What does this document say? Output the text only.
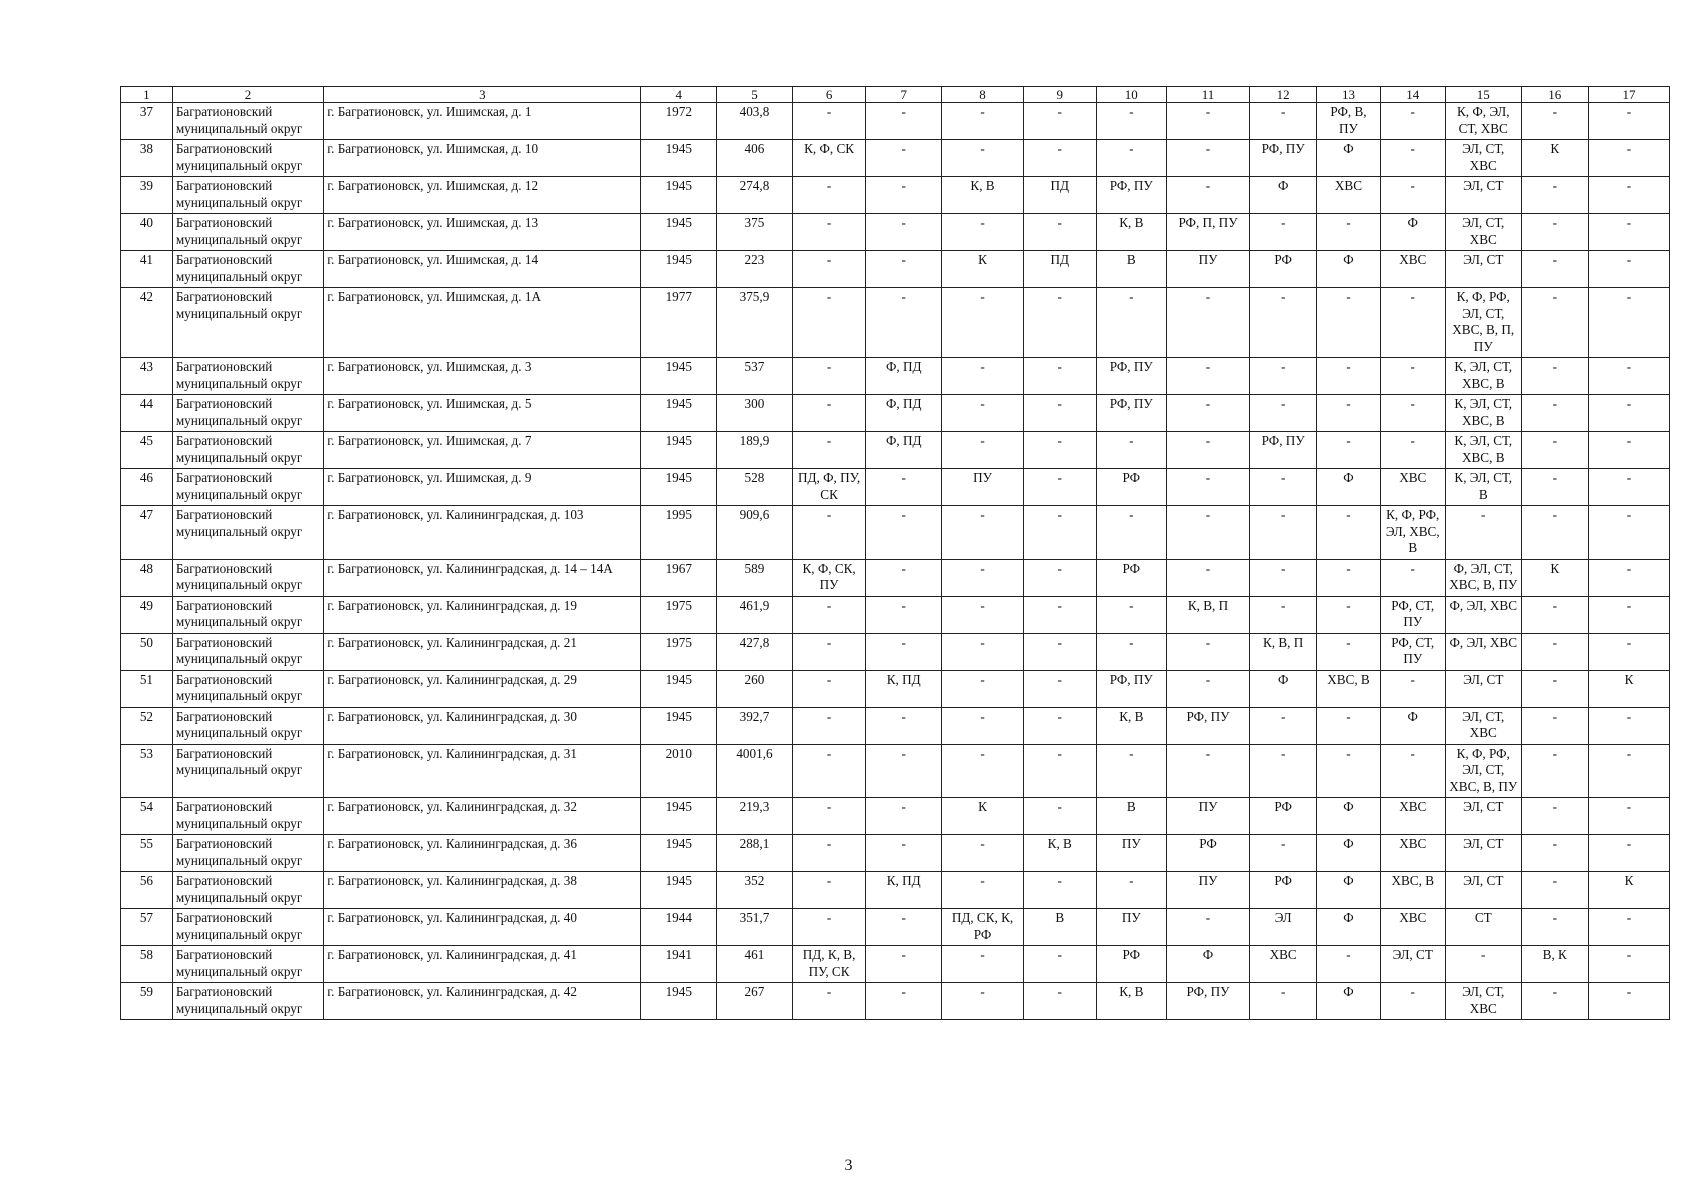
1	2	3	4	5	6	7	8	9	10	11	12	13	14	15	16	17
37	Багратионовский муниципальный округ	г. Багратионовск, ул. Ишимская, д. 1	1972	403,8	-	-	-	-	-	-	-	РФ, В, ПУ	-	К, Ф, ЭЛ, СТ, ХВС	-	-
38	Багратионовский муниципальный округ	г. Багратионовск, ул. Ишимская, д. 10	1945	406	К, Ф, СК	-	-	-	-	-	РФ, ПУ	Ф	-	ЭЛ, СТ, ХВС	К	-
39	Багратионовский муниципальный округ	г. Багратионовск, ул. Ишимская, д. 12	1945	274,8	-	-	К, В	ПД	РФ, ПУ	-	Ф	ХВС	-	ЭЛ, СТ	-	-
40	Багратионовский муниципальный округ	г. Багратионовск, ул. Ишимская, д. 13	1945	375	-	-	-	-	К, В	РФ, П, ПУ	-	-	Ф	ЭЛ, СТ, ХВС	-	-
41	Багратионовский муниципальный округ	г. Багратионовск, ул. Ишимская, д. 14	1945	223	-	-	К	ПД	В	ПУ	РФ	Ф	ХВС	ЭЛ, СТ	-	-
42	Багратионовский муниципальный округ	г. Багратионовск, ул. Ишимская, д. 1А	1977	375,9	-	-	-	-	-	-	-	-	-	К, Ф, РФ, ЭЛ, СТ, ХВС, В, П, ПУ	-	-
43	Багратионовский муниципальный округ	г. Багратионовск, ул. Ишимская, д. 3	1945	537	-	Ф, ПД	-	-	РФ, ПУ	-	-	-	-	К, ЭЛ, СТ, ХВС, В	-	-
44	Багратионовский муниципальный округ	г. Багратионовск, ул. Ишимская, д. 5	1945	300	-	Ф, ПД	-	-	РФ, ПУ	-	-	-	-	К, ЭЛ, СТ, ХВС, В	-	-
45	Багратионовский муниципальный округ	г. Багратионовск, ул. Ишимская, д. 7	1945	189,9	-	Ф, ПД	-	-	-	-	РФ, ПУ	-	-	К, ЭЛ, СТ, ХВС, В	-	-
46	Багратионовский муниципальный округ	г. Багратионовск, ул. Ишимская, д. 9	1945	528	ПД, Ф, ПУ, СК	-	ПУ	-	РФ	-	-	Ф	ХВС	К, ЭЛ, СТ, В	-	-
47	Багратионовский муниципальный округ	г. Багратионовск, ул. Калининградская, д. 103	1995	909,6	-	-	-	-	-	-	-	-	К, Ф, РФ, ЭЛ, ХВС, В	-	-	-
48	Багратионовский муниципальный округ	г. Багратионовск, ул. Калининградская, д. 14 – 14А	1967	589	К, Ф, СК, ПУ	-	-	-	РФ	-	-	-	-	Ф, ЭЛ, СТ, ХВС, В, ПУ	К	-
49	Багратионовский муниципальный округ	г. Багратионовск, ул. Калининградская, д. 19	1975	461,9	-	-	-	-	-	К, В, П	-	-	РФ, СТ, ПУ	Ф, ЭЛ, ХВС	-	-
50	Багратионовский муниципальный округ	г. Багратионовск, ул. Калининградская, д. 21	1975	427,8	-	-	-	-	-	-	К, В, П	-	РФ, СТ, ПУ	Ф, ЭЛ, ХВС	-	-
51	Багратионовский муниципальный округ	г. Багратионовск, ул. Калининградская, д. 29	1945	260	-	К, ПД	-	-	РФ, ПУ	-	Ф	ХВС, В	-	ЭЛ, СТ	-	К
52	Багратионовский муниципальный округ	г. Багратионовск, ул. Калининградская, д. 30	1945	392,7	-	-	-	-	К, В	РФ, ПУ	-	-	Ф	ЭЛ, СТ, ХВС	-	-
53	Багратионовский муниципальный округ	г. Багратионовск, ул. Калининградская, д. 31	2010	4001,6	-	-	-	-	-	-	-	-	-	К, Ф, РФ, ЭЛ, СТ, ХВС, В, ПУ	-	-
54	Багратионовский муниципальный округ	г. Багратионовск, ул. Калининградская, д. 32	1945	219,3	-	-	К	-	В	ПУ	РФ	Ф	ХВС	ЭЛ, СТ	-	-
55	Багратионовский муниципальный округ	г. Багратионовск, ул. Калининградская, д. 36	1945	288,1	-	-	-	К, В	ПУ	РФ	-	Ф	ХВС	ЭЛ, СТ	-	-
56	Багратионовский муниципальный округ	г. Багратионовск, ул. Калининградская, д. 38	1945	352	-	К, ПД	-	-	-	ПУ	РФ	Ф	ХВС, В	ЭЛ, СТ	-	К
57	Багратионовский муниципальный округ	г. Багратионовск, ул. Калининградская, д. 40	1944	351,7	-	-	ПД, СК, К, РФ	В	ПУ	-	ЭЛ	Ф	ХВС	СТ	-	-
58	Багратионовский муниципальный округ	г. Багратионовск, ул. Калининградская, д. 41	1941	461	ПД, К, В, ПУ, СК	-	-	-	РФ	Ф	ХВС	-	ЭЛ, СТ	-	В, К	-
59	Багратионовский муниципальный округ	г. Багратионовск, ул. Калининградская, д. 42	1945	267	-	-	-	-	К, В	РФ, ПУ	-	Ф	-	ЭЛ, СТ, ХВС	-	-
3
